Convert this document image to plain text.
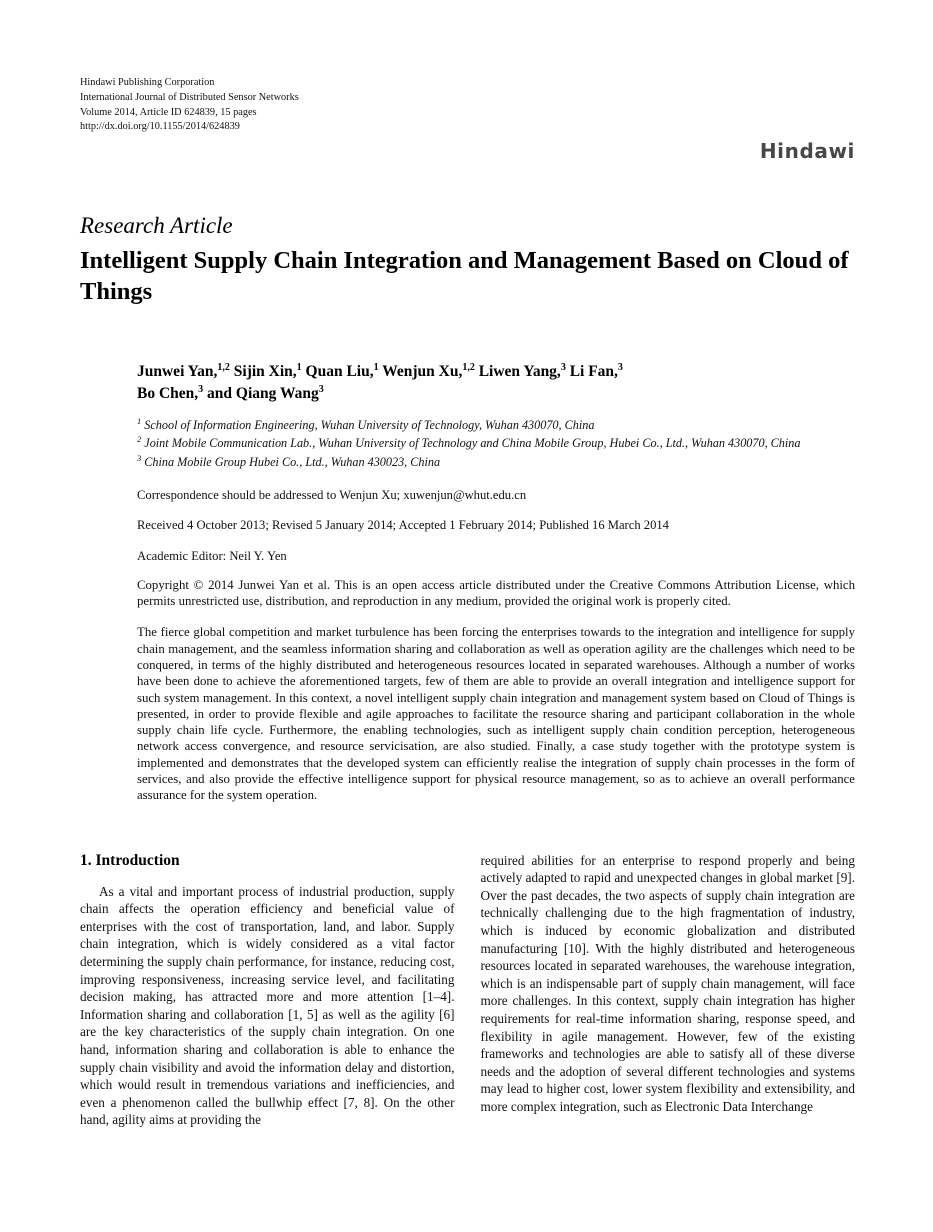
Hindawi Publishing Corporation
International Journal of Distributed Sensor Networks
Volume 2014, Article ID 624839, 15 pages
http://dx.doi.org/10.1155/2014/624839
Hindawi
Research Article
Intelligent Supply Chain Integration and Management Based on Cloud of Things
Junwei Yan,$^{1,2}$ Sijin Xin,$^1$ Quan Liu,$^1$ Wenjun Xu,$^{1,2}$ Liwen Yang,$^3$ Li Fan,$^3$
Bo Chen,$^3$ and Qiang Wang$^3$
$^1$ School of Information Engineering, Wuhan University of Technology, Wuhan 430070, China
$^2$ Joint Mobile Communication Lab., Wuhan University of Technology and China Mobile Group, Hubei Co., Ltd., Wuhan 430070, China
$^3$ China Mobile Group Hubei Co., Ltd., Wuhan 430023, China

Correspondence should be addressed to Wenjun Xu; xuwenjun@whut.edu.cn

Received 4 October 2013; Revised 5 January 2014; Accepted 1 February 2014; Published 16 March 2014

Academic Editor: Neil Y. Yen

Copyright © 2014 Junwei Yan et al. This is an open access article distributed under the Creative Commons Attribution License, which permits unrestricted use, distribution, and reproduction in any medium, provided the original work is properly cited.

The fierce global competition and market turbulence has been forcing the enterprises towards to the integration and intelligence for supply chain management, and the seamless information sharing and collaboration as well as operation agility are the challenges which need to be conquered, in terms of the highly distributed and heterogeneous resources located in separated warehouses. Although a number of works have been done to achieve the aforementioned targets, few of them are able to provide an overall integration and intelligence support for such system management. In this context, a novel intelligent supply chain integration and management system based on Cloud of Things is presented, in order to provide flexible and agile approaches to facilitate the resource sharing and participant collaboration in the whole supply chain life cycle. Furthermore, the enabling technologies, such as intelligent supply chain condition perception, heterogeneous network access convergence, and resource servicisation, are also studied. Finally, a case study together with the prototype system is implemented and demonstrates that the developed system can efficiently realise the integration of supply chain processes in the form of services, and also provide the effective intelligence support for physical resource management, so as to achieve an overall performance assurance for the system operation.

1. Introduction

As a vital and important process of industrial production, supply chain affects the operation efficiency and beneficial value of enterprises with the cost of transportation, land, and labor. Supply chain integration, which is widely considered as a vital factor determining the supply chain performance, for instance, reducing cost, improving responsiveness, increasing service level, and facilitating decision making, has attracted more and more attention [1–4]. Information sharing and collaboration [1, 5] as well as the agility [6] are the key characteristics of the supply chain integration. On one hand, information sharing and collaboration is able to enhance the supply chain visibility and avoid the information delay and distortion, which would result in tremendous variations and inefficiencies, and even a phenomenon called the bullwhip effect [7, 8]. On the other hand, agility aims at providing the

required abilities for an enterprise to respond properly and being actively adapted to rapid and unexpected changes in global market [9]. Over the past decades, the two aspects of supply chain integration are technically challenging due to the high fragmentation of industry, which is induced by economic globalization and distributed manufacturing [10]. With the highly distributed and heterogeneous resources located in separated warehouses, the warehouse integration, which is an indispensable part of supply chain management, will face more challenges. In this context, supply chain integration has higher requirements for real-time information sharing, response speed, and flexibility in agile management. However, few of the existing frameworks and technologies are able to satisfy all of these diverse needs and the adoption of several different technologies and systems may lead to higher cost, lower system flexibility and extensibility, and more complex integration, such as Electronic Data Interchange
